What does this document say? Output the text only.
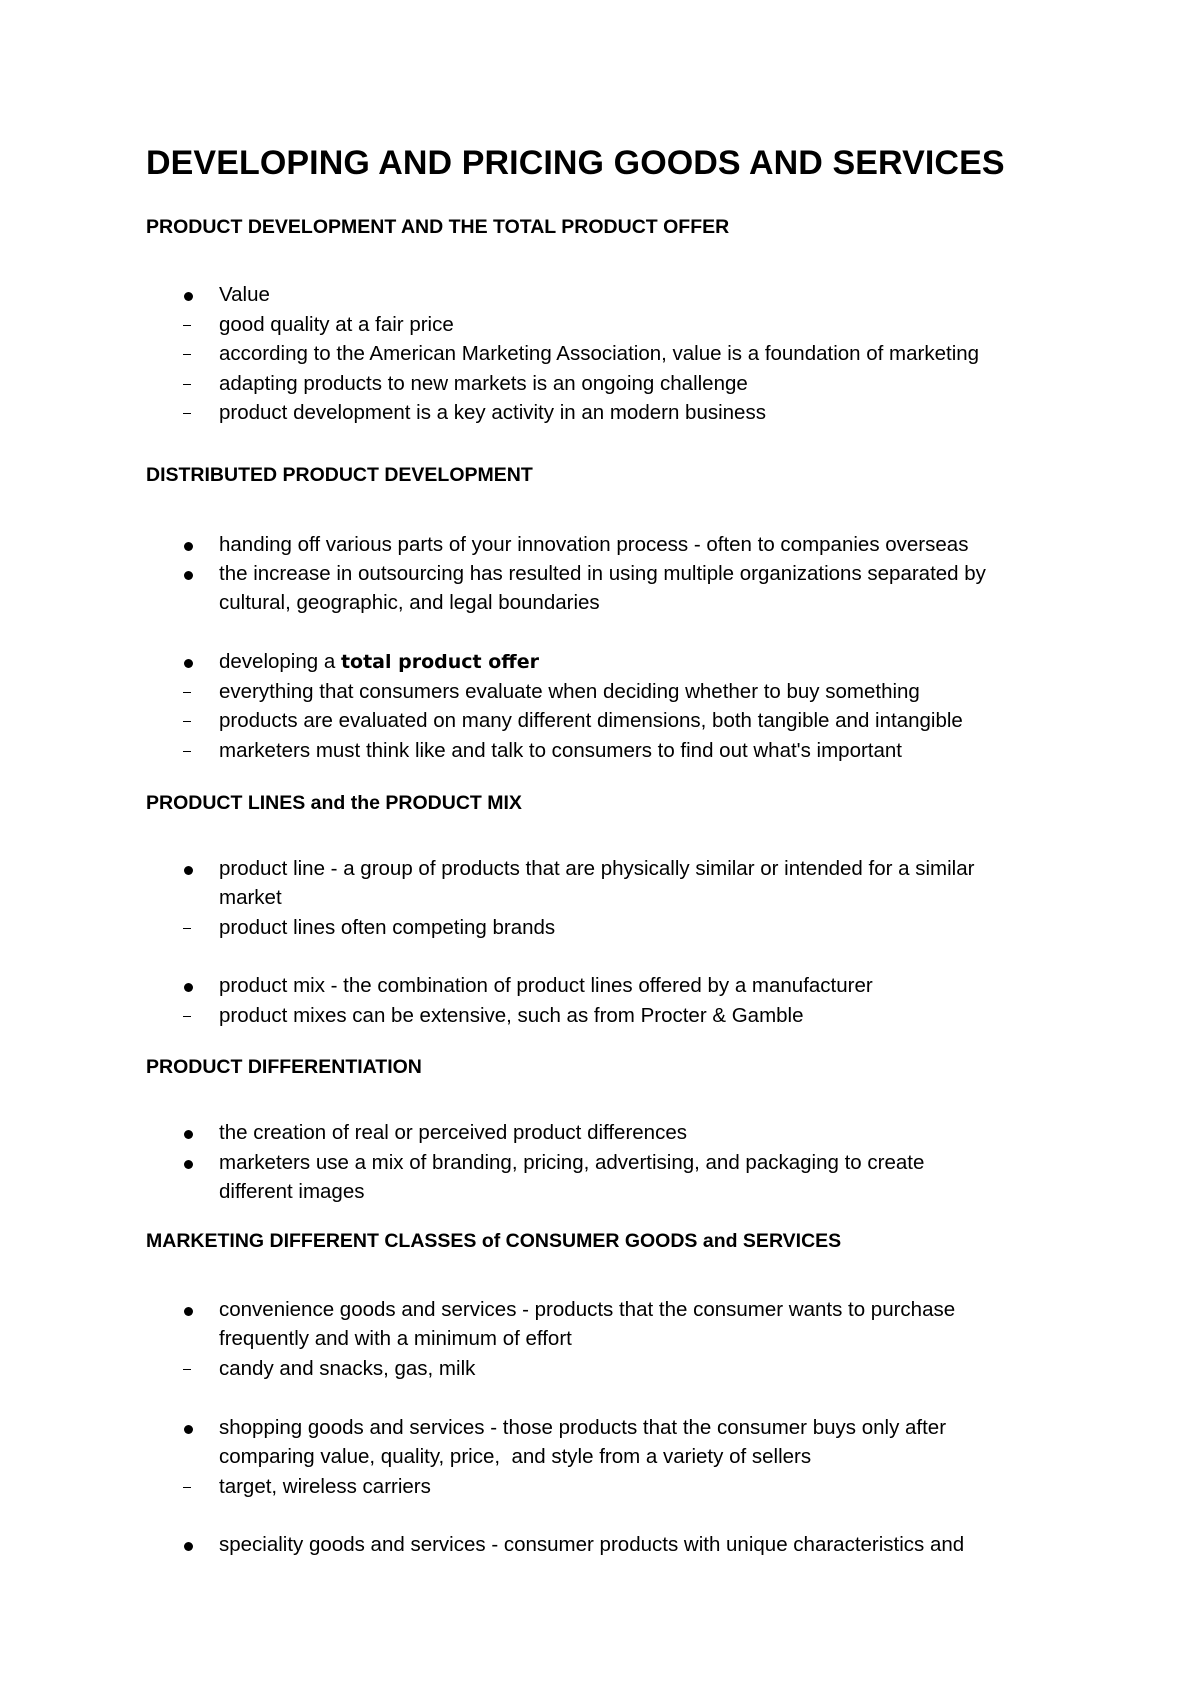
DEVELOPING AND PRICING GOODS AND SERVICES
PRODUCT DEVELOPMENT AND THE TOTAL PRODUCT OFFER
Value
good quality at a fair price
according to the American Marketing Association, value is a foundation of marketing
adapting products to new markets is an ongoing challenge
product development is a key activity in an modern business
DISTRIBUTED PRODUCT DEVELOPMENT
handing off various parts of your innovation process - often to companies overseas
the increase in outsourcing has resulted in using multiple organizations separated by
cultural, geographic, and legal boundaries
developing a total product offer
everything that consumers evaluate when deciding whether to buy something
products are evaluated on many different dimensions, both tangible and intangible
marketers must think like and talk to consumers to find out what's important
PRODUCT LINES and the PRODUCT MIX
product line - a group of products that are physically similar or intended for a similar
market
product lines often competing brands
product mix - the combination of product lines offered by a manufacturer
product mixes can be extensive, such as from Procter & Gamble
PRODUCT DIFFERENTIATION
the creation of real or perceived product differences
marketers use a mix of branding, pricing, advertising, and packaging to create
different images
MARKETING DIFFERENT CLASSES of CONSUMER GOODS and SERVICES
convenience goods and services - products that the consumer wants to purchase
frequently and with a minimum of effort
candy and snacks, gas, milk
shopping goods and services - those products that the consumer buys only after
comparing value, quality, price,  and style from a variety of sellers
target, wireless carriers
speciality goods and services - consumer products with unique characteristics and
